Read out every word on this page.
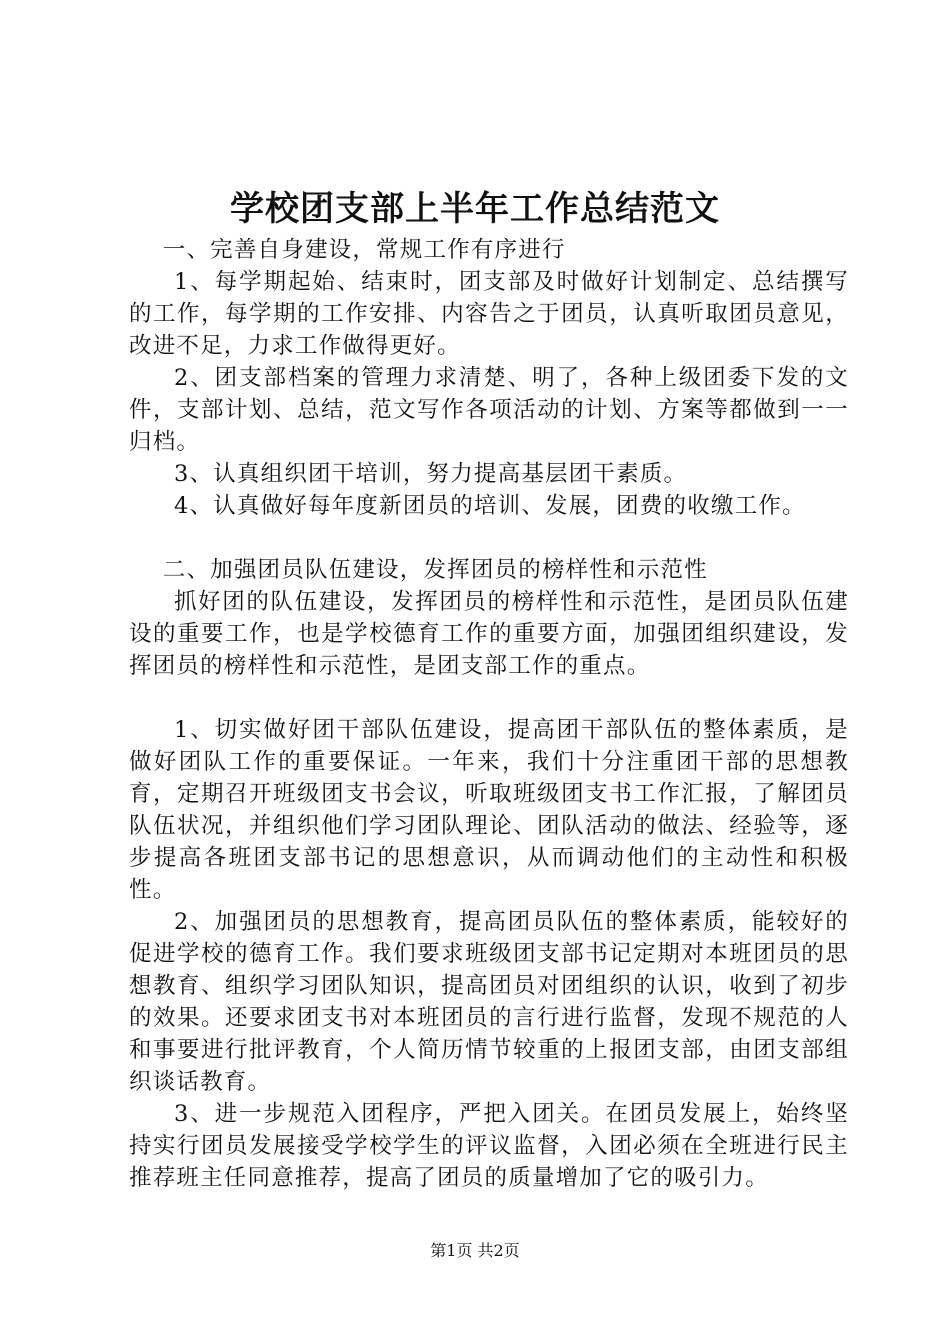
学校团支部上半年工作总结范文

一、完善自身建设，常规工作有序进行

1、每学期起始、结束时，团支部及时做好计划制定、总结撰写的工作，每学期的工作安排、内容告之于团员，认真听取团员意见，改进不足，力求工作做得更好。

2、团支部档案的管理力求清楚、明了，各种上级团委下发的文件，支部计划、总结，范文写作各项活动的计划、方案等都做到一一归档。

3、认真组织团干培训，努力提高基层团干素质。

4、认真做好每年度新团员的培训、发展，团费的收缴工作。

二、加强团员队伍建设，发挥团员的榜样性和示范性

抓好团的队伍建设，发挥团员的榜样性和示范性，是团员队伍建设的重要工作，也是学校德育工作的重要方面，加强团组织建设，发挥团员的榜样性和示范性，是团支部工作的重点。

1、切实做好团干部队伍建设，提高团干部队伍的整体素质，是做好团队工作的重要保证。一年来，我们十分注重团干部的思想教育，定期召开班级团支书会议，听取班级团支书工作汇报，了解团员队伍状况，并组织他们学习团队理论、团队活动的做法、经验等，逐步提高各班团支部书记的思想意识，从而调动他们的主动性和积极性。

2、加强团员的思想教育，提高团员队伍的整体素质，能较好的促进学校的德育工作。我们要求班级团支部书记定期对本班团员的思想教育、组织学习团队知识，提高团员对团组织的认识，收到了初步的效果。还要求团支书对本班团员的言行进行监督，发现不规范的人和事要进行批评教育，个人简历情节较重的上报团支部，由团支部组织谈话教育。

3、进一步规范入团程序，严把入团关。在团员发展上，始终坚持实行团员发展接受学校学生的评议监督，入团必须在全班进行民主推荐班主任同意推荐，提高了团员的质量增加了它的吸引力。

第1页 共2页
